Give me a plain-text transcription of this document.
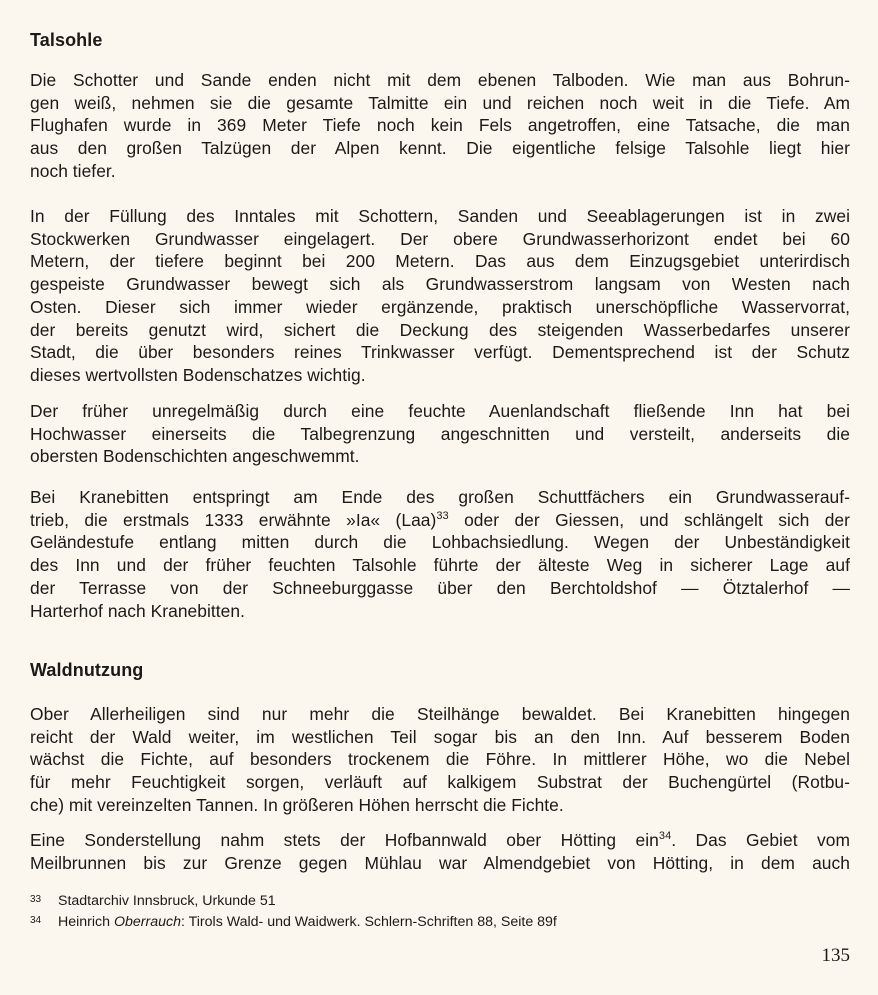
Talsohle

Die Schotter und Sande enden nicht mit dem ebenen Talboden. Wie man aus Bohrun-
gen weiß, nehmen sie die gesamte Talmitte ein und reichen noch weit in die Tiefe. Am
Flughafen wurde in 369 Meter Tiefe noch kein Fels angetroffen, eine Tatsache, die man
aus den großen Talzügen der Alpen kennt. Die eigentliche felsige Talsohle liegt hier
noch tiefer.

In der Füllung des Inntales mit Schottern, Sanden und Seeablagerungen ist in zwei
Stockwerken Grundwasser eingelagert. Der obere Grundwasserhorizont endet bei 60
Metern, der tiefere beginnt bei 200 Metern. Das aus dem Einzugsgebiet unterirdisch
gespeiste Grundwasser bewegt sich als Grundwasserstrom langsam von Westen nach
Osten. Dieser sich immer wieder ergänzende, praktisch unerschöpfliche Wasservorrat,
der bereits genutzt wird, sichert die Deckung des steigenden Wasserbedarfes unserer
Stadt, die über besonders reines Trinkwasser verfügt. Dementsprechend ist der Schutz
dieses wertvollsten Bodenschatzes wichtig.

Der früher unregelmäßig durch eine feuchte Auenlandschaft fließende Inn hat bei
Hochwasser einerseits die Talbegrenzung angeschnitten und versteilt, anderseits die
obersten Bodenschichten angeschwemmt.

Bei Kranebitten entspringt am Ende des großen Schuttfächers ein Grundwasserauf-
trieb, die erstmals 1333 erwähnte »Ia« (Laa)$^{33}$ oder der Giessen, und schlängelt sich der
Geländestufe entlang mitten durch die Lohbachsiedlung. Wegen der Unbeständigkeit
des Inn und der früher feuchten Talsohle führte der älteste Weg in sicherer Lage auf
der Terrasse von der Schneeburggasse über den Berchtoldshof — Ötztalerhof —
Harterhof nach Kranebitten.

Waldnutzung

Ober Allerheiligen sind nur mehr die Steilhänge bewaldet. Bei Kranebitten hingegen
reicht der Wald weiter, im westlichen Teil sogar bis an den Inn. Auf besserem Boden
wächst die Fichte, auf besonders trockenem die Föhre. In mittlerer Höhe, wo die Nebel
für mehr Feuchtigkeit sorgen, verläuft auf kalkigem Substrat der Buchengürtel (Rotbu-
che) mit vereinzelten Tannen. In größeren Höhen herrscht die Fichte.

Eine Sonderstellung nahm stets der Hofbannwald ober Hötting ein$^{34}$. Das Gebiet vom
Meilbrunnen bis zur Grenze gegen Mühlau war Almendgebiet von Hötting, in dem auch

33 Stadtarchiv Innsbruck, Urkunde 51
34 Heinrich Oberrauch: Tirols Wald- und Waidwerk. Schlern-Schriften 88, Seite 89f
135
